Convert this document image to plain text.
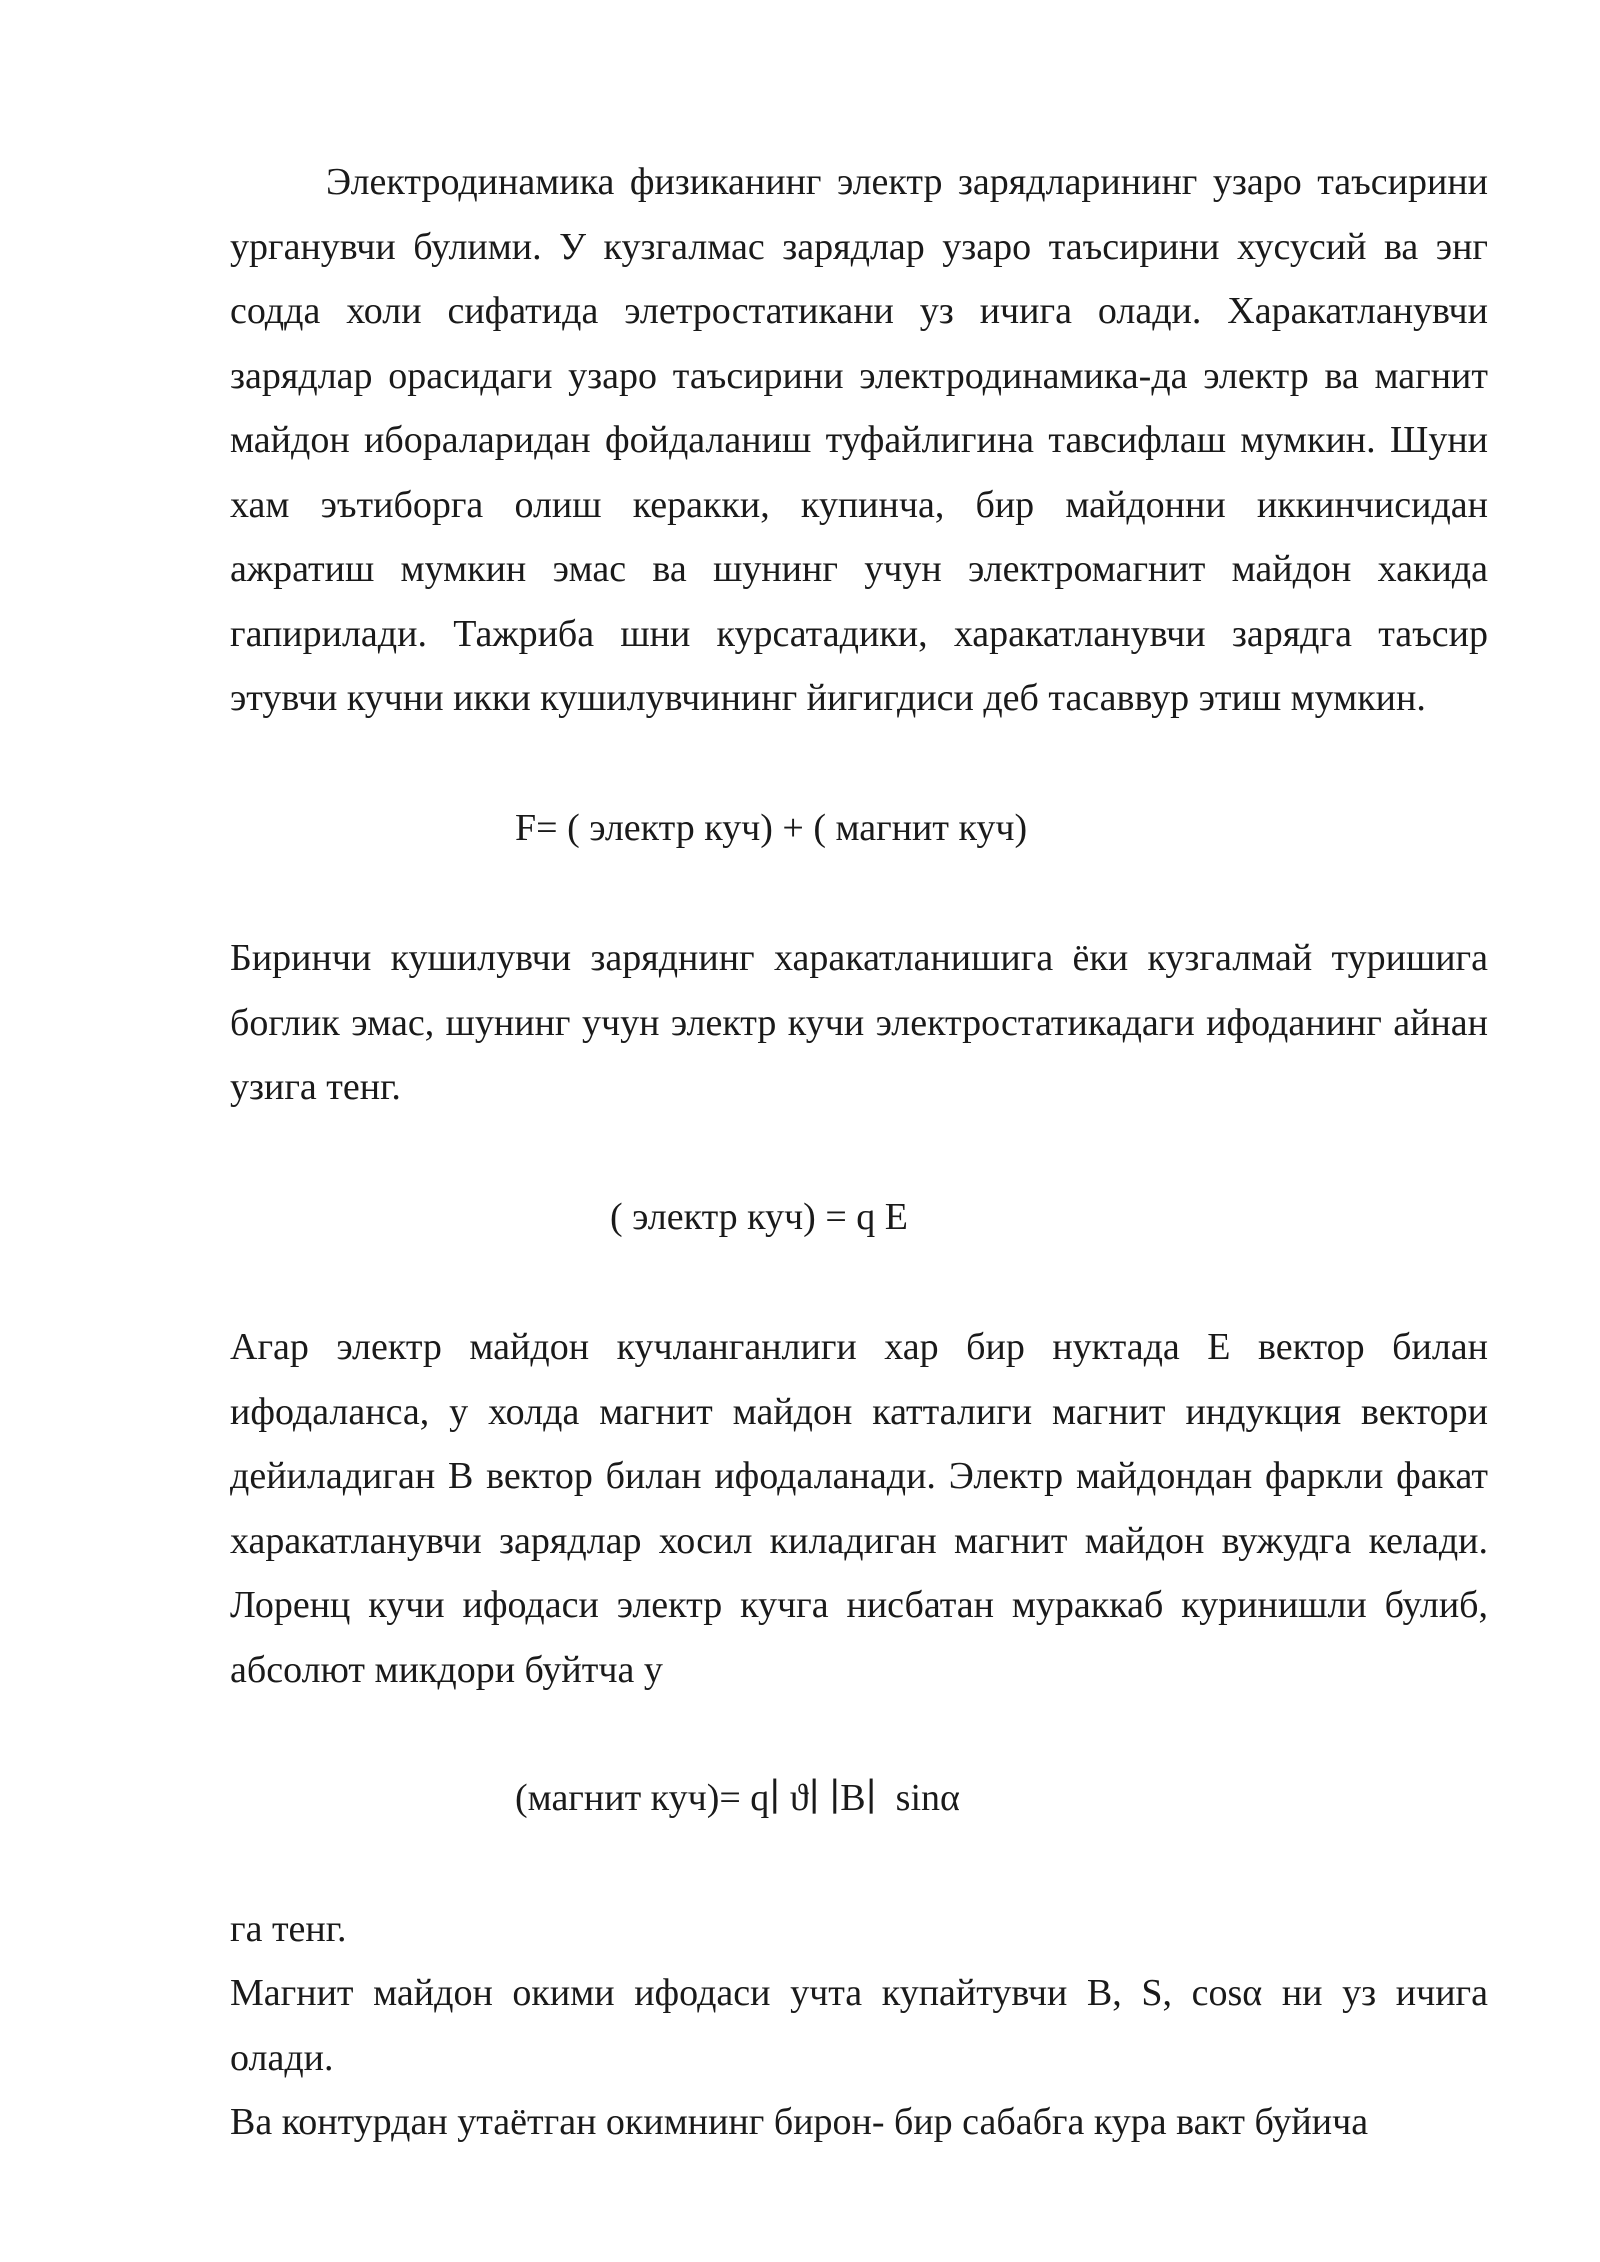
Электродинамика физиканинг электр зарядларининг узаро таъсирини урганувчи булими. У кузгалмас зарядлар узаро таъсирини хусусий ва энг содда холи сифатида элетростатикани уз ичига олади. Харакатланувчи зарядлар орасидаги узаро таъсирини электродинамика-да электр ва магнит майдон ибораларидан фойдаланиш туфайлигина тавсифлаш мумкин. Шуни хам эътиборга олиш керакки, купинча, бир майдонни иккинчисидан ажратиш мумкин эмас ва шунинг учун электромагнит майдон хакида гапирилади. Тажриба шни курсатадики, харакатланувчи зарядга таъсир этувчи кучни икки кушилувчининг йигигдиси деб тасаввур этиш мумкин.

F= ( электр куч) + ( магнит куч)

Биринчи кушилувчи заряднинг харакатланишига ёки кузгалмай туришига боглик эмас, шунинг учун электр кучи электростатикадаги ифоданинг айнан узига тенг.

( электр куч) = q E

Агар электр майдон кучланганлиги хар бир нуктада Е вектор билан ифодаланса, у холда магнит майдон катталиги магнит индукция вектори дейиладиган В вектор билан ифодаланади. Электр майдондан фаркли факат харакатланувчи зарядлар хосил киладиган магнит майдон вужудга келади. Лоренц кучи ифодаси электр кучга нисбатан мураккаб куринишли булиб, абсолют микдори буйтча у

(магнит куч)= q∣ ϑ∣ ∣B∣  sinα

га тенг.

Магнит майдон окими ифодаси учта купайтувчи В, S, cosα ни уз ичига олади.

Ва контурдан утаётган окимнинг бирон- бир сабабга кура вакт буйича
